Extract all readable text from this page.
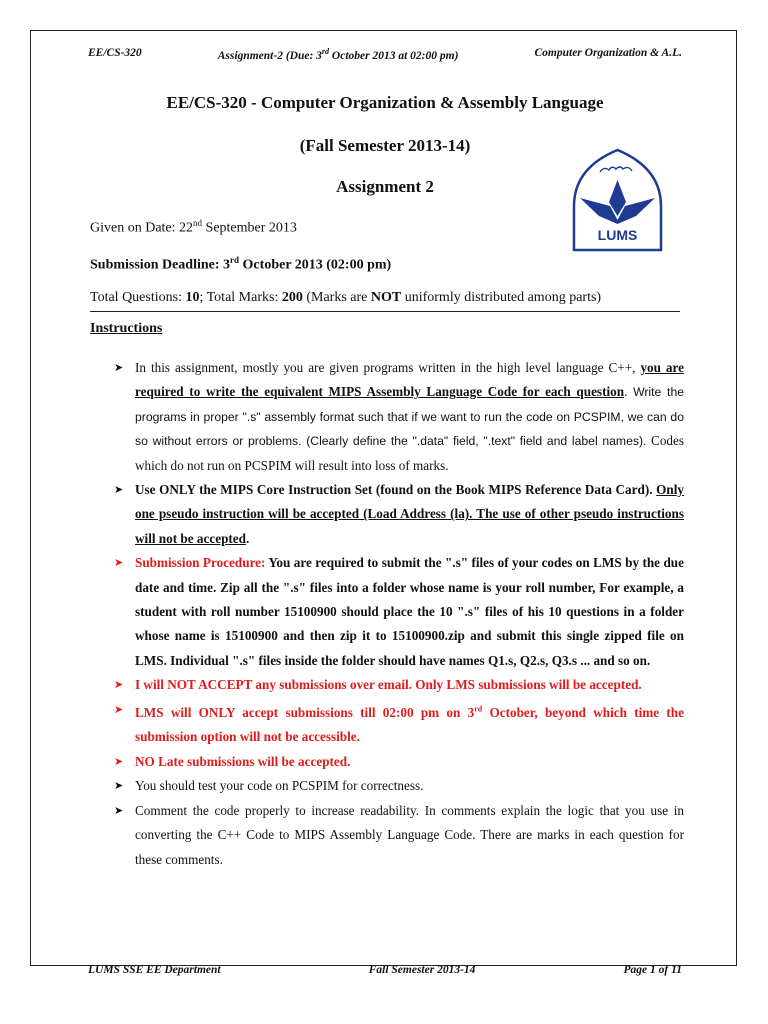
EE/CS-320	Assignment-2 (Due: 3rd October 2013 at 02:00 pm)	Computer Organization & A.L.
EE/CS-320 - Computer Organization & Assembly Language
(Fall Semester 2013-14)
Assignment 2
LUMS
Given on Date: 22nd September 2013
Submission Deadline: 3rd October 2013 (02:00 pm)
Total Questions: 10; Total Marks: 200 (Marks are NOT uniformly distributed among parts)
Instructions
➤ In this assignment, mostly you are given programs written in the high level language C++, you are required to write the equivalent MIPS Assembly Language Code for each question. Write the programs in proper ".s" assembly format such that if we want to run the code on PCSPIM, we can do so without errors or problems. (Clearly define the ".data" field, ".text" field and label names). Codes which do not run on PCSPIM will result into loss of marks.
➤ Use ONLY the MIPS Core Instruction Set (found on the Book MIPS Reference Data Card). Only one pseudo instruction will be accepted (Load Address (la). The use of other pseudo instructions will not be accepted.
➤ Submission Procedure: You are required to submit the ".s" files of your codes on LMS by the due date and time. Zip all the ".s" files into a folder whose name is your roll number, For example, a student with roll number 15100900 should place the 10 ".s" files of his 10 questions in a folder whose name is 15100900 and then zip it to 15100900.zip and submit this single zipped file on LMS. Individual ".s" files inside the folder should have names Q1.s, Q2.s, Q3.s ... and so on.
➤ I will NOT ACCEPT any submissions over email. Only LMS submissions will be accepted.
➤ LMS will ONLY accept submissions till 02:00 pm on 3rd October, beyond which time the submission option will not be accessible.
➤ NO Late submissions will be accepted.
➤ You should test your code on PCSPIM for correctness.
➤ Comment the code properly to increase readability. In comments explain the logic that you use in converting the C++ Code to MIPS Assembly Language Code. There are marks in each question for these comments.
LUMS SSE EE Department	Fall Semester 2013-14	Page 1 of 11
